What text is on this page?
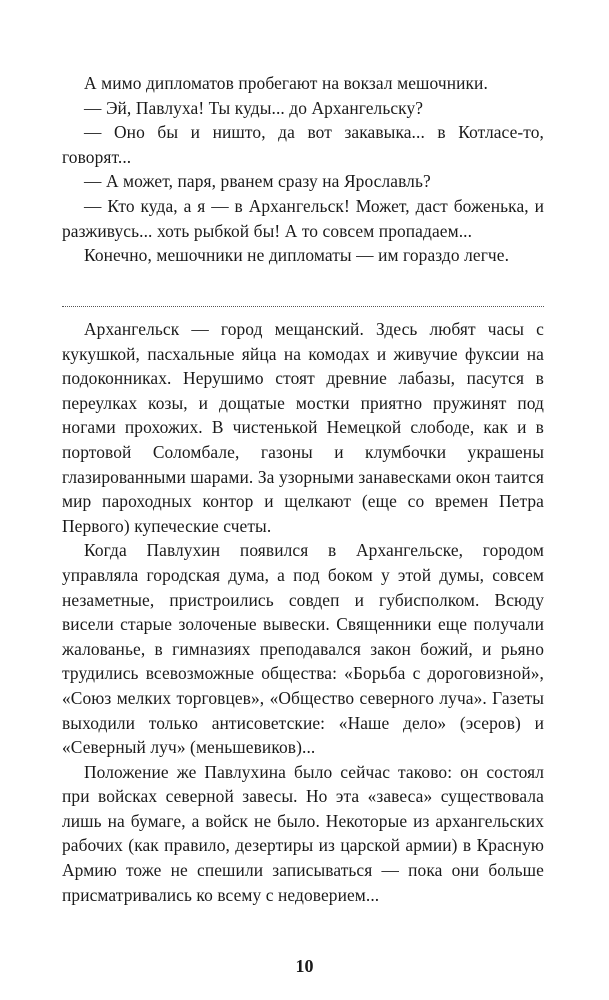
А мимо дипломатов пробегают на вокзал мешочники.

— Эй, Павлуха! Ты куды... до Архангельску?

— Оно бы и ништо, да вот закавыка... в Котласе-то, говорят...

— А может, паря, рванем сразу на Ярославль?

— Кто куда, а я — в Архангельск! Может, даст боженька, и разживусь... хоть рыбкой бы! А то совсем пропадаем...

Конечно, мешочники не дипломаты — им гораздо легче.

Архангельск — город мещанский. Здесь любят часы с кукушкой, пасхальные яйца на комодах и живучие фуксии на подоконниках. Нерушимо стоят древние лабазы, пасутся в переулках козы, и дощатые мостки приятно пружинят под ногами прохожих. В чистенькой Немецкой слободе, как и в портовой Соломбале, газоны и клумбочки украшены глазированными шарами. За узорными занавесками окон таится мир пароходных контор и щелкают (еще со времен Петра Первого) купеческие счеты.

Когда Павлухин появился в Архангельске, городом управляла городская дума, а под боком у этой думы, совсем незаметные, пристроились совдеп и губисполком. Всюду висели старые золоченые вывески. Священники еще получали жалованье, в гимназиях преподавался закон божий, и рьяно трудились всевозможные общества: «Борьба с дороговизной», «Союз мелких торговцев», «Общество северного луча». Газеты выходили только антисоветские: «Наше дело» (эсеров) и «Северный луч» (меньшевиков)...

Положение же Павлухина было сейчас таково: он состоял при войсках северной завесы. Но эта «завеса» существовала лишь на бумаге, а войск не было. Некоторые из архангельских рабочих (как правило, дезертиры из царской армии) в Красную Армию тоже не спешили записываться — пока они больше присматривались ко всему с недоверием...

10
